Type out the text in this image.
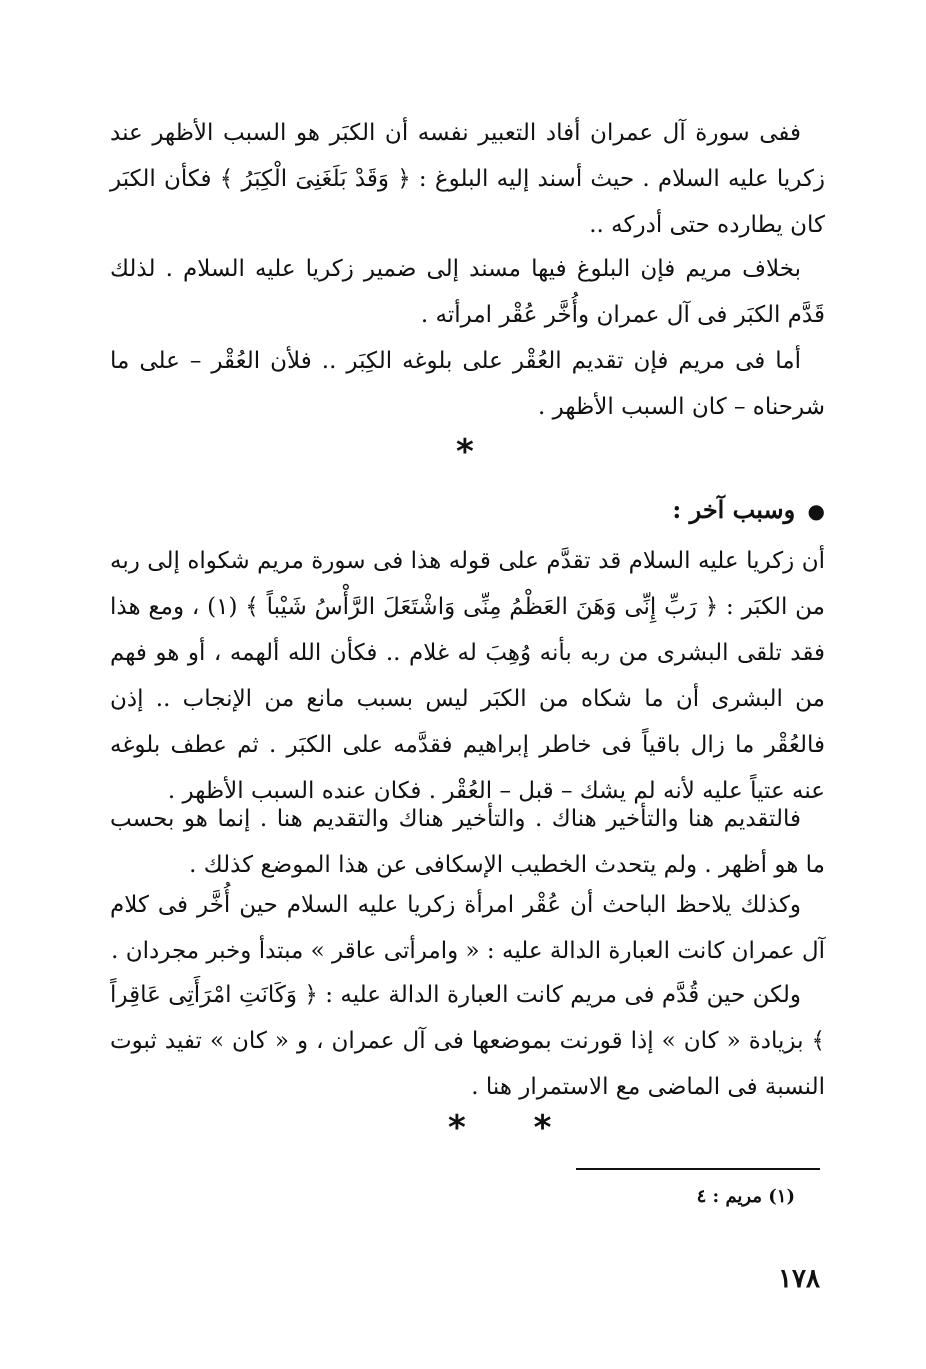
ففى سورة آل عمران أفاد التعبير نفسه أن الكبَر هو السبب الأظهر عند زكريا عليه السلام . حيث أسند إليه البلوغ : ﴿ وَقَدْ بَلَغَنِىَ الْكِبَرُ ﴾ فكأن الكبَر كان يطارده حتى أدركه ..

بخلاف مريم فإن البلوغ فيها مسند إلى ضمير زكريا عليه السلام . لذلك قَدَّم الكبَر فى آل عمران وأُخَّر عُقْر امرأته .

أما فى مريم فإن تقديم العُقْر على بلوغه الكِبَر .. فلأن العُقْر – على ما شرحناه – كان السبب الأظهر .

*
● وسبب آخر :

أن زكريا عليه السلام قد تقدَّم على قوله هذا فى سورة مريم شكواه إلى ربه من الكبَر : ﴿ رَبِّ إِنِّى وَهَنَ العَظْمُ مِنِّى وَاشْتَعَلَ الرَّأْسُ شَيْباً ﴾ (١) ، ومع هذا فقد تلقى البشرى من ربه بأنه وُهِبَ له غلام .. فكأن الله ألهمه ، أو هو فهم من البشرى أن ما شكاه من الكبَر ليس بسبب مانع من الإنجاب .. إذن فالعُقْر ما زال باقياً فى خاطر إبراهيم فقدَّمه على الكبَر . ثم عطف بلوغه عنه عتياً عليه لأنه لم يشك – قبل – العُقْر . فكان عنده السبب الأظهر .

فالتقديم هنا والتأخير هناك . والتأخير هناك والتقديم هنا . إنما هو بحسب ما هو أظهر . ولم يتحدث الخطيب الإسكافى عن هذا الموضع كذلك .

وكذلك يلاحظ الباحث أن عُقْر امرأة زكريا عليه السلام حين أُخَّر فى كلام آل عمران كانت العبارة الدالة عليه : « وامرأتى عاقر » مبتدأ وخبر مجردان .

ولكن حين قُدَّم فى مريم كانت العبارة الدالة عليه : ﴿ وَكَانَتِ امْرَأَتِى عَاقِراً ﴾ بزيادة « كان » إذا قورنت بموضعها فى آل عمران ، و « كان » تفيد ثبوت النسبة فى الماضى مع الاستمرار هنا .

* *
(١) مريم : ٤
١٧٨
